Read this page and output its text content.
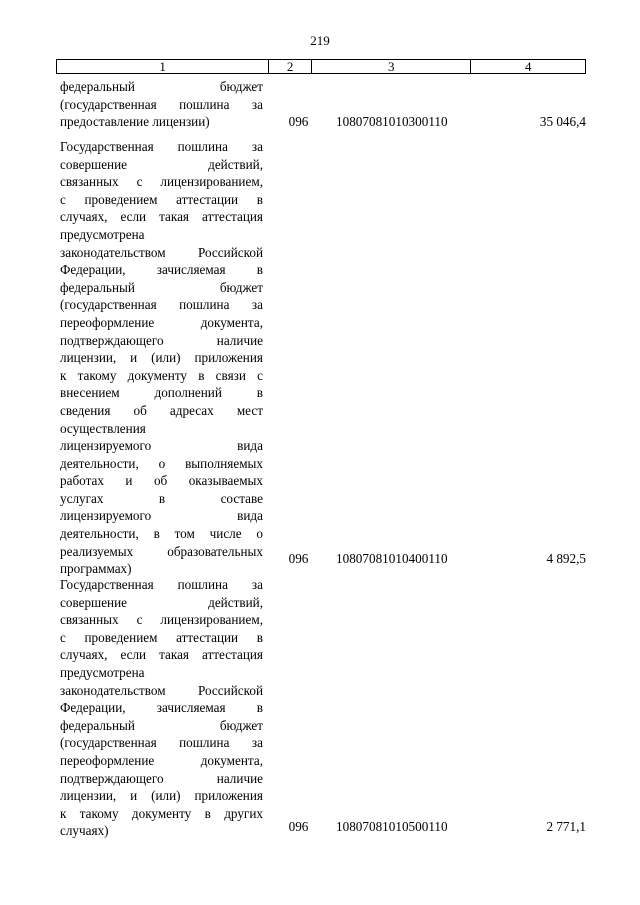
219
1	2	3	4
федеральный бюджет
(государственная пошлина за
предоставление лицензии)	096	10807081010300110	35 046,4
Государственная пошлина за
совершение действий,
связанных с лицензированием,
с проведением аттестации в
случаях, если такая аттестация
предусмотрена
законодательством Российской
Федерации, зачисляемая в
федеральный бюджет
(государственная пошлина за
переоформление документа,
подтверждающего наличие
лицензии, и (или) приложения
к такому документу в связи с
внесением дополнений в
сведения об адресах мест
осуществления
лицензируемого вида
деятельности, о выполняемых
работах и об оказываемых
услугах в составе
лицензируемого вида
деятельности, в том числе о
реализуемых образовательных
программах)
096	10807081010400110	4 892,5
Государственная пошлина за
совершение действий,
связанных с лицензированием,
с проведением аттестации в
случаях, если такая аттестация
предусмотрена
законодательством Российской
Федерации, зачисляемая в
федеральный бюджет
(государственная пошлина за
переоформление документа,
подтверждающего наличие
лицензии, и (или) приложения
к такому документу в других
случаях)	096	10807081010500110	2 771,1
